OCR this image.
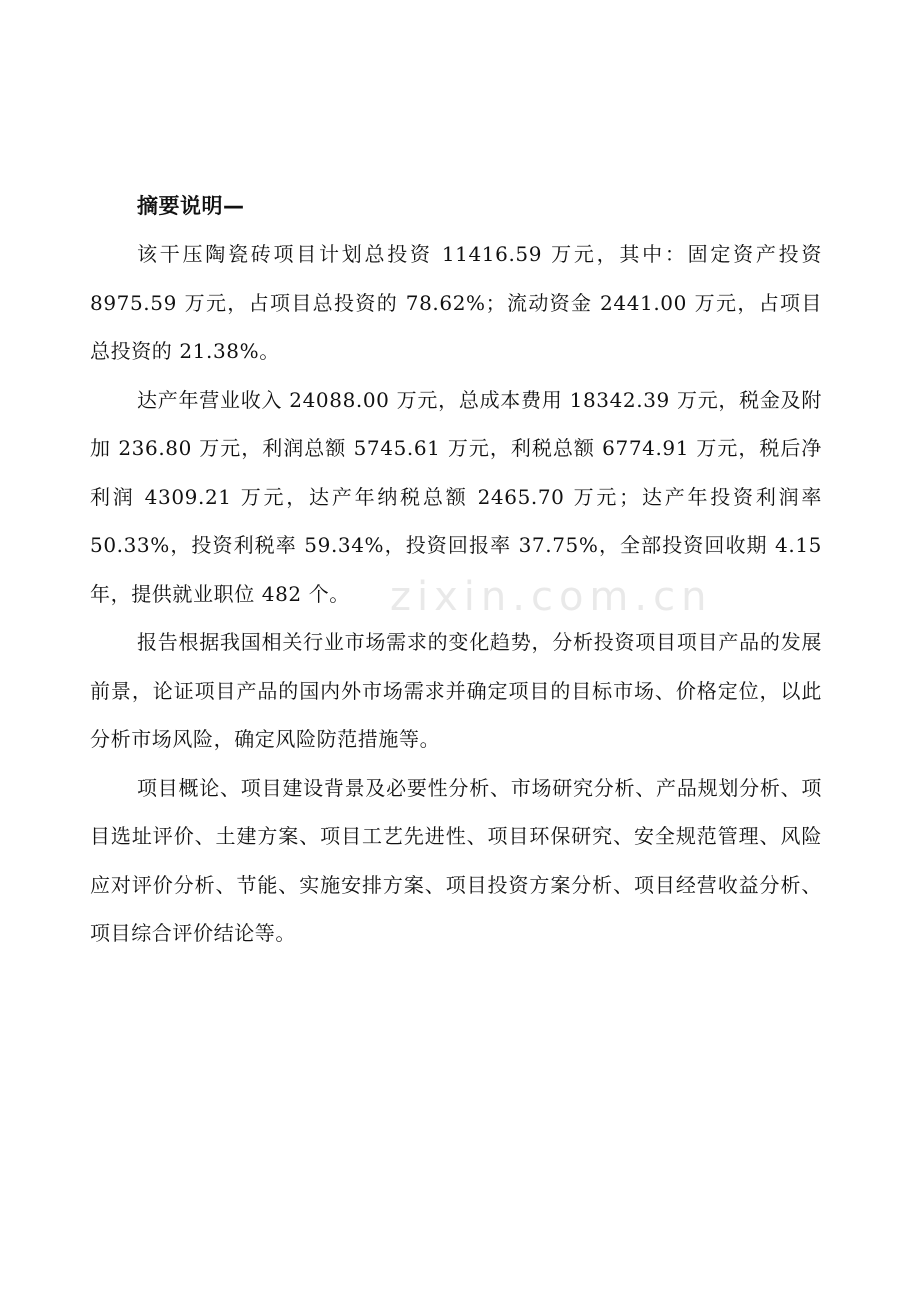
zixin.com.cn
摘要说明—

该干压陶瓷砖项目计划总投资 11416.59 万元，其中：固定资产投资 8975.59 万元，占项目总投资的 78.62%；流动资金 2441.00 万元，占项目总投资的 21.38%。

达产年营业收入 24088.00 万元，总成本费用 18342.39 万元，税金及附加 236.80 万元，利润总额 5745.61 万元，利税总额 6774.91 万元，税后净利润 4309.21 万元，达产年纳税总额 2465.70 万元；达产年投资利润率 50.33%，投资利税率 59.34%，投资回报率 37.75%，全部投资回收期 4.15 年，提供就业职位 482 个。

报告根据我国相关行业市场需求的变化趋势，分析投资项目项目产品的发展前景，论证项目产品的国内外市场需求并确定项目的目标市场、价格定位，以此分析市场风险，确定风险防范措施等。

项目概论、项目建设背景及必要性分析、市场研究分析、产品规划分析、项目选址评价、土建方案、项目工艺先进性、项目环保研究、安全规范管理、风险应对评价分析、节能、实施安排方案、项目投资方案分析、项目经营收益分析、项目综合评价结论等。
